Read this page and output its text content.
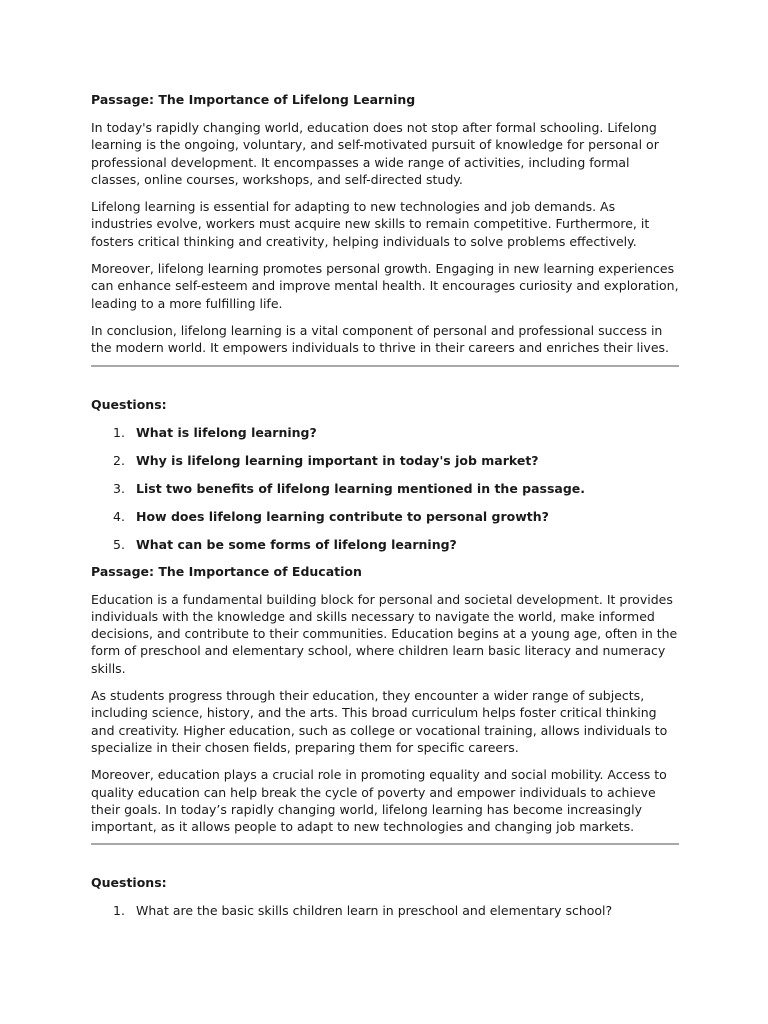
Passage: The Importance of Lifelong Learning

In today's rapidly changing world, education does not stop after formal schooling. Lifelong learning is the ongoing, voluntary, and self-motivated pursuit of knowledge for personal or professional development. It encompasses a wide range of activities, including formal classes, online courses, workshops, and self-directed study.

Lifelong learning is essential for adapting to new technologies and job demands. As industries evolve, workers must acquire new skills to remain competitive. Furthermore, it fosters critical thinking and creativity, helping individuals to solve problems effectively.

Moreover, lifelong learning promotes personal growth. Engaging in new learning experiences can enhance self-esteem and improve mental health. It encourages curiosity and exploration, leading to a more fulfilling life.

In conclusion, lifelong learning is a vital component of personal and professional success in the modern world. It empowers individuals to thrive in their careers and enriches their lives.

Questions:
1. What is lifelong learning?
2. Why is lifelong learning important in today's job market?
3. List two benefits of lifelong learning mentioned in the passage.
4. How does lifelong learning contribute to personal growth?
5. What can be some forms of lifelong learning?
Passage: The Importance of Education

Education is a fundamental building block for personal and societal development. It provides individuals with the knowledge and skills necessary to navigate the world, make informed decisions, and contribute to their communities. Education begins at a young age, often in the form of preschool and elementary school, where children learn basic literacy and numeracy skills.

As students progress through their education, they encounter a wider range of subjects, including science, history, and the arts. This broad curriculum helps foster critical thinking and creativity. Higher education, such as college or vocational training, allows individuals to specialize in their chosen fields, preparing them for specific careers.

Moreover, education plays a crucial role in promoting equality and social mobility. Access to quality education can help break the cycle of poverty and empower individuals to achieve their goals. In today’s rapidly changing world, lifelong learning has become increasingly important, as it allows people to adapt to new technologies and changing job markets.

Questions:
1. What are the basic skills children learn in preschool and elementary school?
